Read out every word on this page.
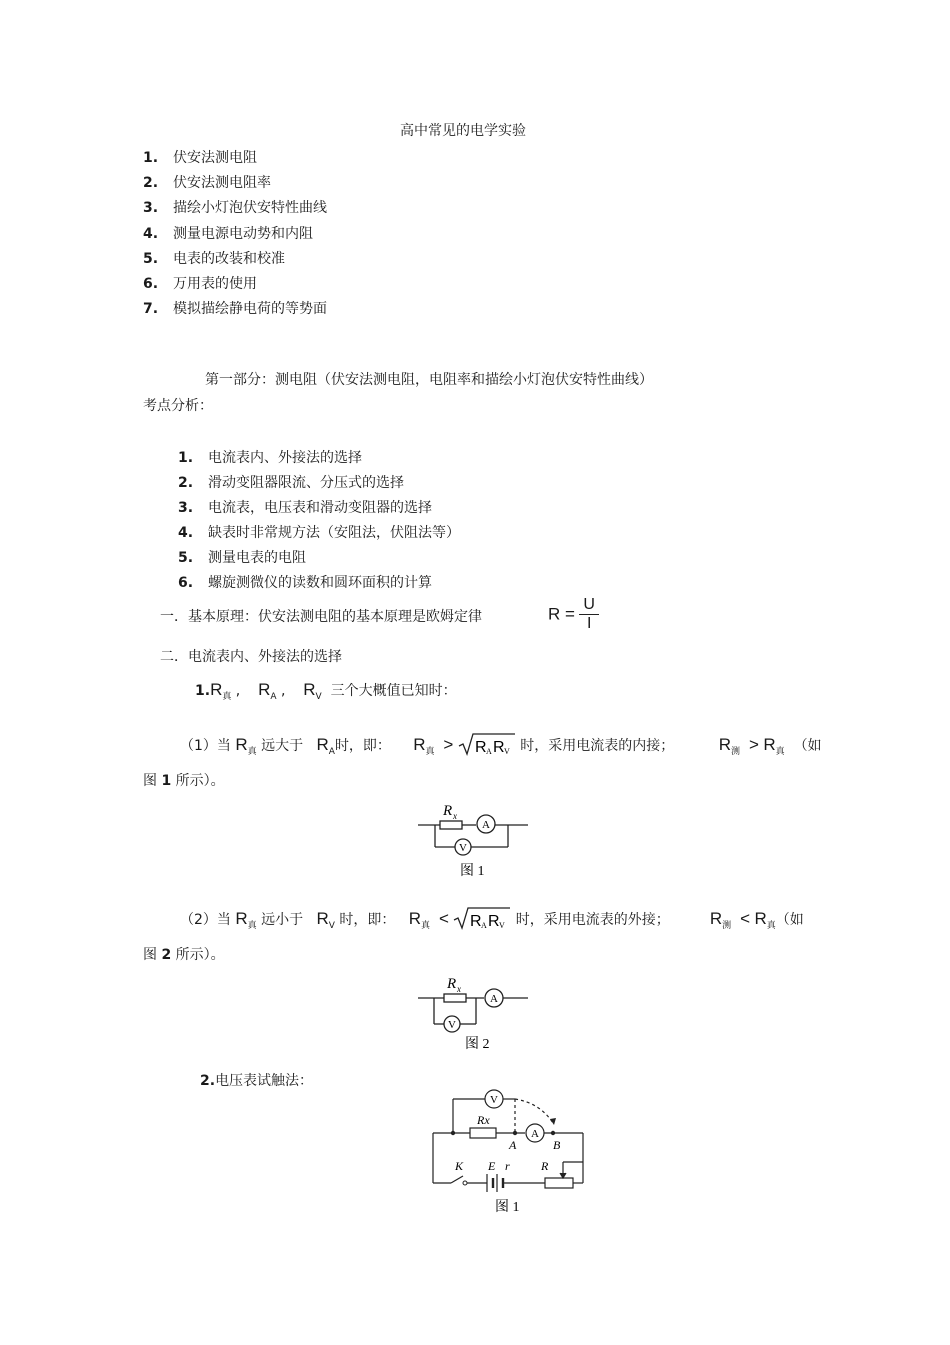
高中常见的电学实验
1. 伏安法测电阻
2. 伏安法测电阻率
3. 描绘小灯泡伏安特性曲线
4. 测量电源电动势和内阻
5. 电表的改装和校准
6. 万用表的使用
7. 模拟描绘静电荷的等势面
第一部分：测电阻（伏安法测电阻，电阻率和描绘小灯泡伏安特性曲线）
考点分析：
1. 电流表内、外接法的选择
2. 滑动变阻器限流、分压式的选择
3. 电流表，电压表和滑动变阻器的选择
4. 缺表时非常规方法（安阻法，伏阻法等）
5. 测量电表的电阻
6. 螺旋测微仪的读数和圆环面积的计算
一．基本原理：伏安法测电阻的基本原理是欧姆定律	$R = \frac{U}{I}$
二．电流表内、外接法的选择
$1.R_真$ ,    $R_A$ ,    $R_V$ 三个大概值已知时：
（1）当 $R_真$ 远大于 $R_A$时，即： $R_真 > R$ A R V 时，采用电流表的内接；	$R_测 > R_真$ （如
图 1 所示）。
R x
A
V
图 1
（2）当 $R_真$ 远小于 $R_V$ 时，即： $R_真 < R$ A R V 时，采用电流表的外接； $R_测 < R_真$（如
图 2 所示）。
R x
A
V
图 2
2.电压表试触法：
V
A
Rx
A	B
K E r	R
图 1
